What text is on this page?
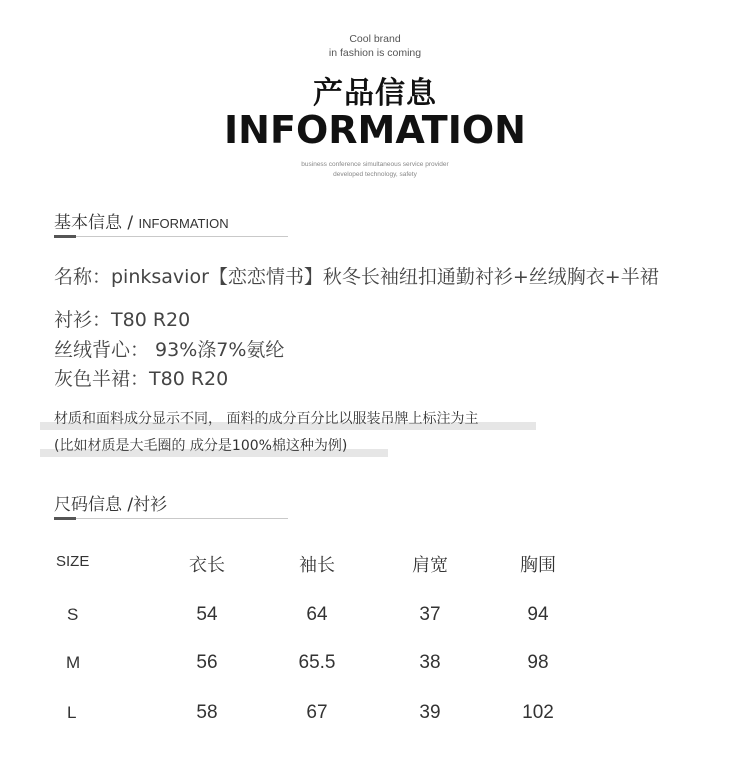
Cool brand
in fashion is coming
产品信息
INFORMATION
business conference simultaneous service provider
developed technology, safety
基本信息 / INFORMATION
名称：pinksavior【恋恋情书】秋冬长袖纽扣通勤衬衫+丝绒胸衣+半裙
衬衫：T80 R20
丝绒背心： 93%涤7%氨纶
灰色半裙：T80 R20
材质和面料成分显示不同， 面料的成分百分比以服装吊牌上标注为主
(比如材质是大毛圈的 成分是100%棉这种为例)
尺码信息 /衬衫
SIZE	衣长	袖长	肩宽	胸围
S	54	64	37	94
M	56	65.5	38	98
L	58	67	39	102
